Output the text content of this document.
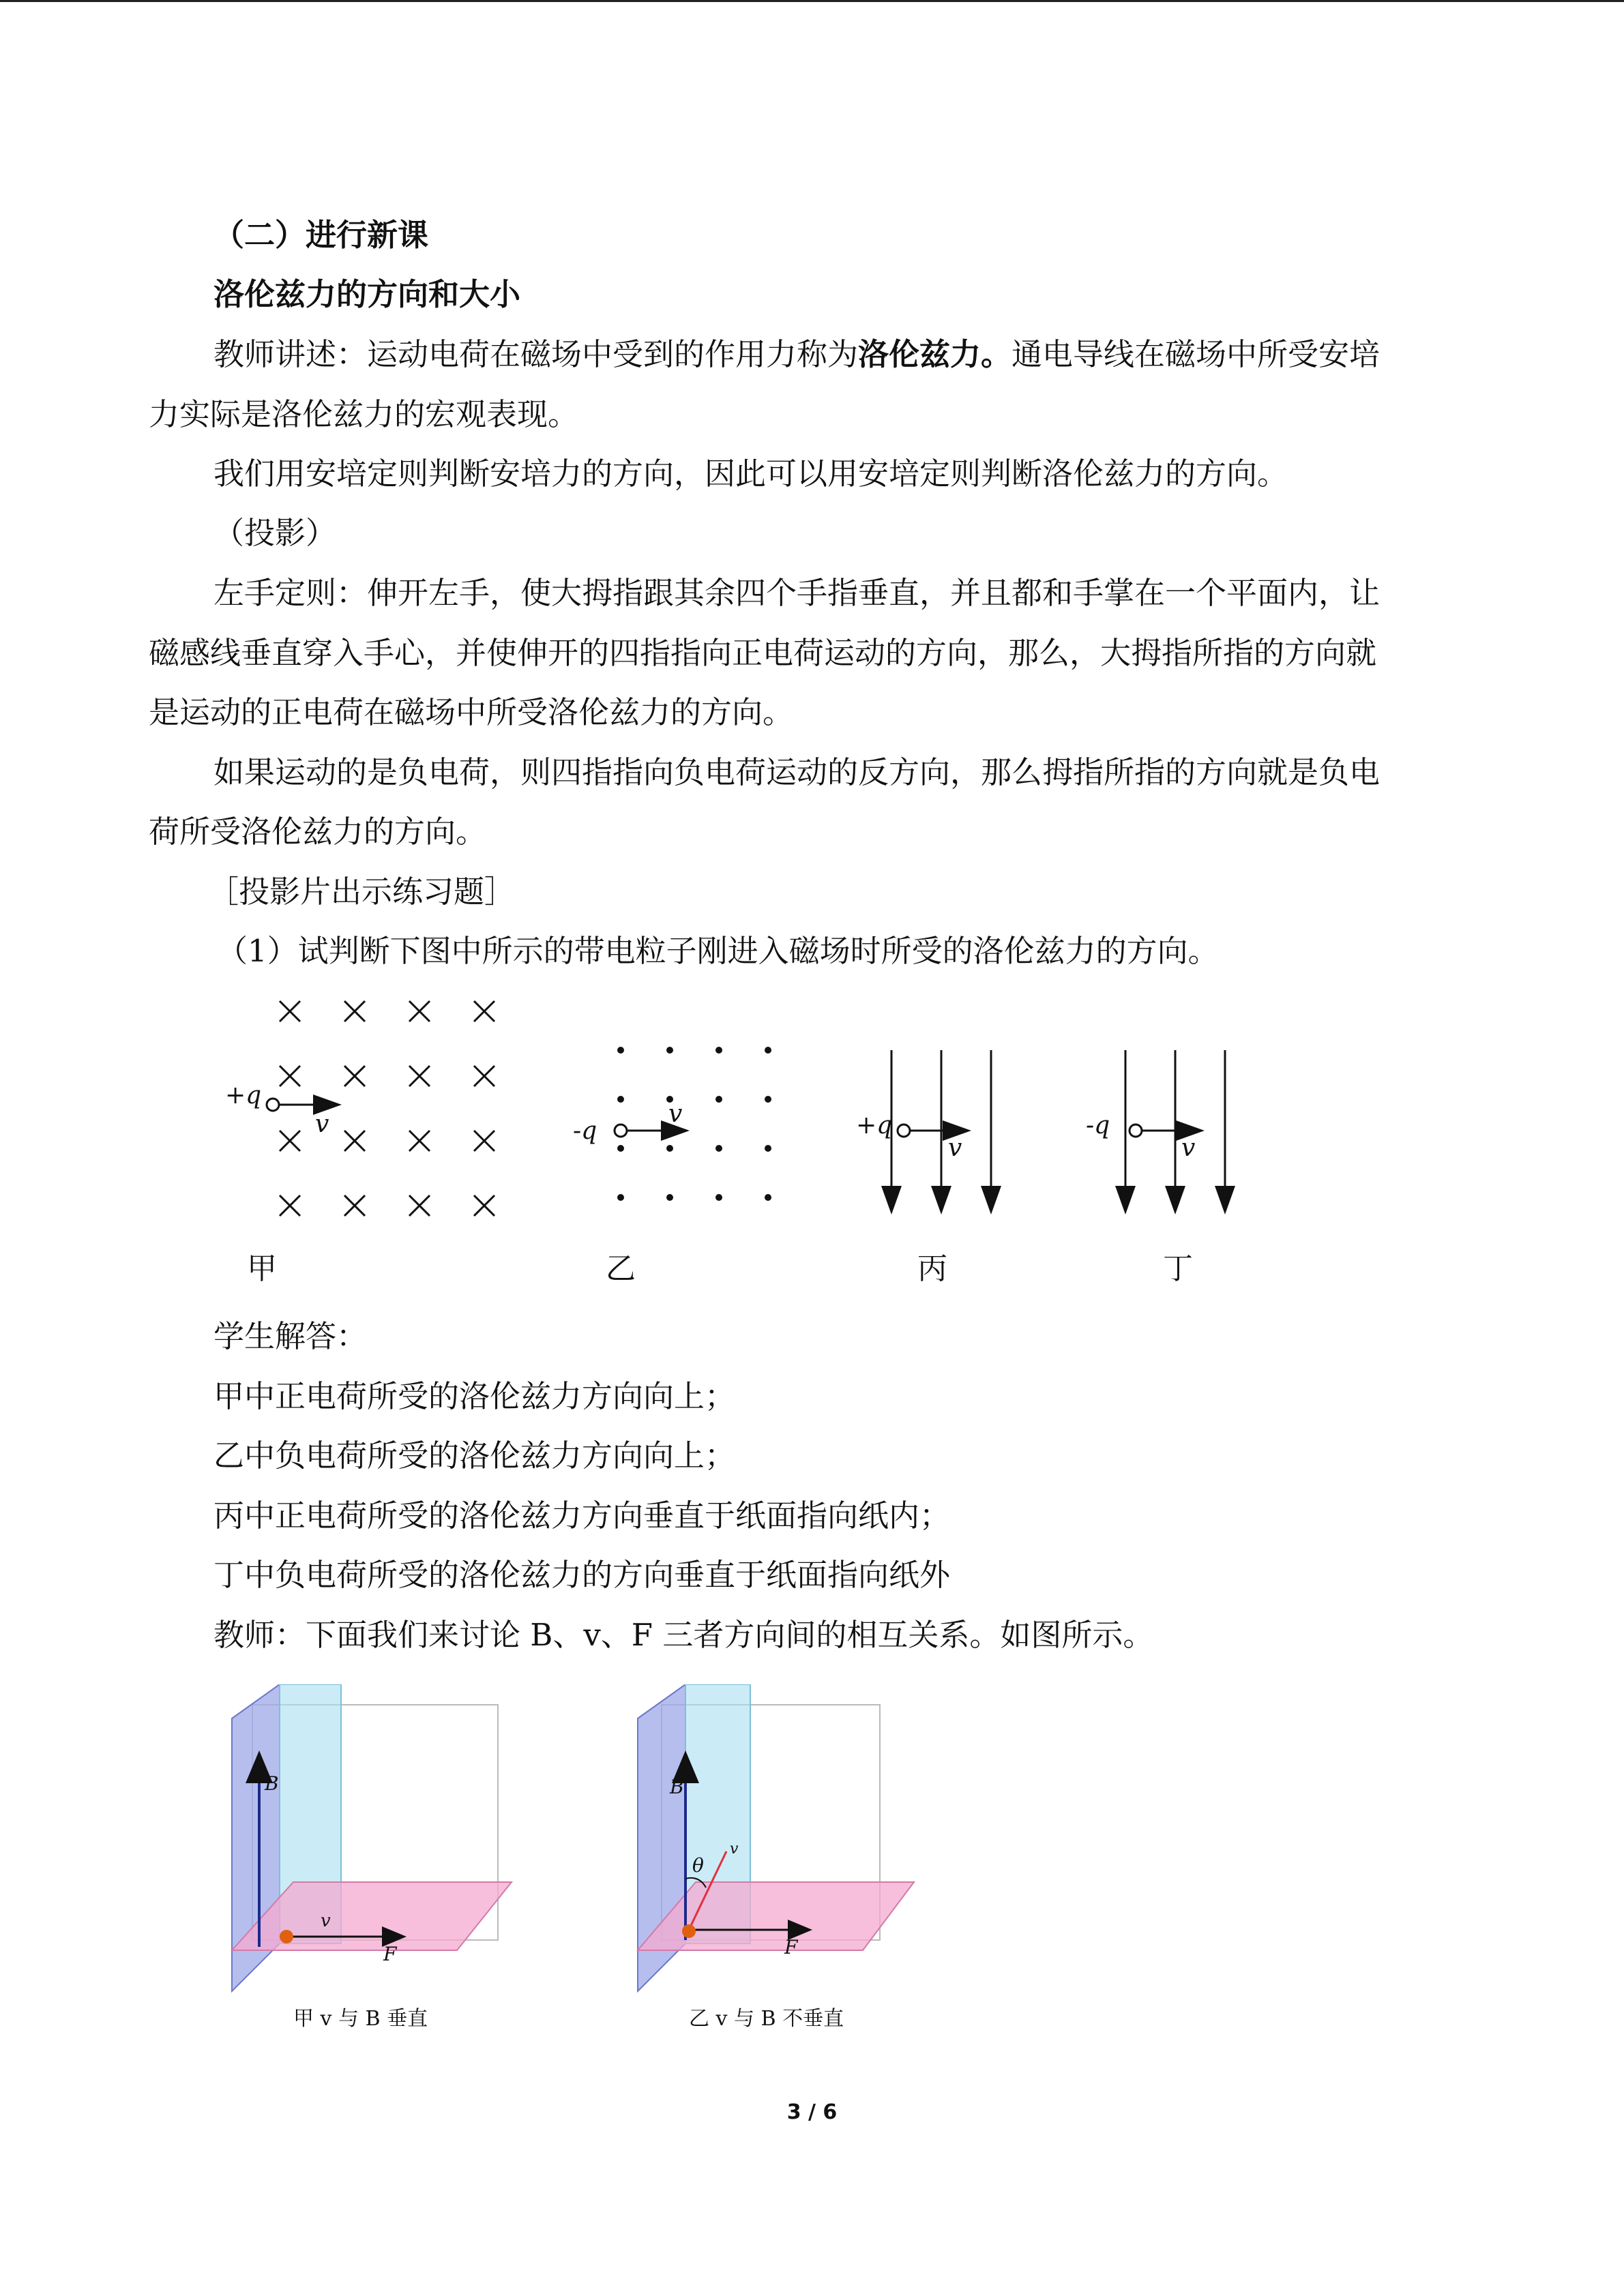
（二）进行新课
洛伦兹力的方向和大小
教师讲述：运动电荷在磁场中受到的作用力称为洛伦兹力。通电导线在磁场中所受安培
力实际是洛伦兹力的宏观表现。
我们用安培定则判断安培力的方向，因此可以用安培定则判断洛伦兹力的方向。
（投影）
左手定则：伸开左手，使大拇指跟其余四个手指垂直，并且都和手掌在一个平面内，让
磁感线垂直穿入手心，并使伸开的四指指向正电荷运动的方向，那么，大拇指所指的方向就
是运动的正电荷在磁场中所受洛伦兹力的方向。
如果运动的是负电荷，则四指指向负电荷运动的反方向，那么拇指所指的方向就是负电
荷所受洛伦兹力的方向。
［投影片出示练习题］
（1）试判断下图中所示的带电粒子刚进入磁场时所受的洛伦兹力的方向。
+q
v
甲
-q
v
乙
+q
v
丙
-q
v
丁
学生解答：
甲中正电荷所受的洛伦兹力方向向上；
乙中负电荷所受的洛伦兹力方向向上；
丙中正电荷所受的洛伦兹力方向垂直于纸面指向纸内；
丁中负电荷所受的洛伦兹力的方向垂直于纸面指向纸外
教师：下面我们来讨论 B、v、F 三者方向间的相互关系。如图所示。
B
v
F
甲 v 与 B 垂直
B
θ
v
F
乙 v 与 B 不垂直
3 / 6
